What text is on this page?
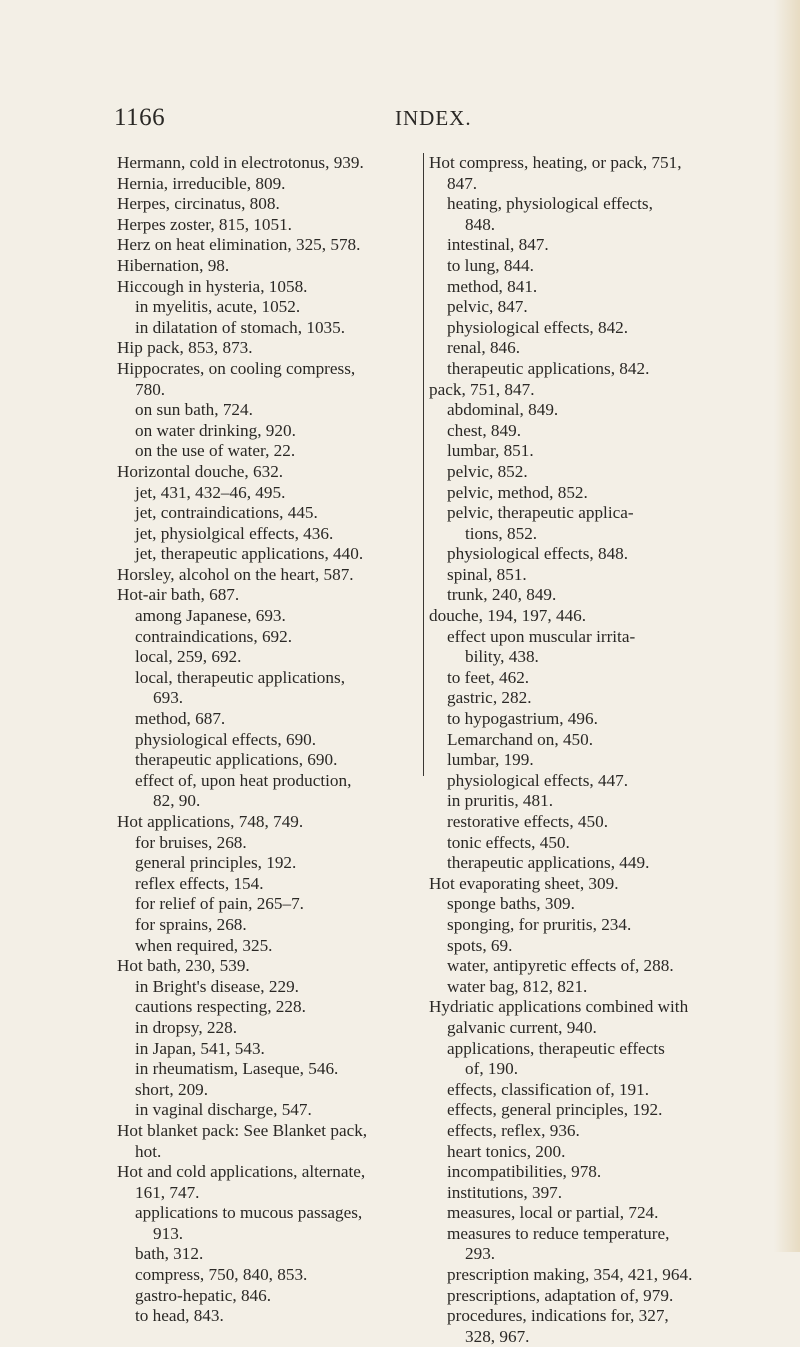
1166	INDEX.
Hermann, cold in electrotonus, 939.
Hernia, irreducible, 809.
Herpes, circinatus, 808.
Herpes zoster, 815, 1051.
Herz on heat elimination, 325, 578.
Hibernation, 98.
Hiccough in hysteria, 1058.
in myelitis, acute, 1052.
in dilatation of stomach, 1035.
Hip pack, 853, 873.
Hippocrates, on cooling compress,
780.
on sun bath, 724.
on water drinking, 920.
on the use of water, 22.
Horizontal douche, 632.
jet, 431, 432–46, 495.
jet, contraindications, 445.
jet, physiolgical effects, 436.
jet, therapeutic applications, 440.
Horsley, alcohol on the heart, 587.
Hot-air bath, 687.
among Japanese, 693.
contraindications, 692.
local, 259, 692.
local, therapeutic applications,
693.
method, 687.
physiological effects, 690.
therapeutic applications, 690.
effect of, upon heat production,
82, 90.
Hot applications, 748, 749.
for bruises, 268.
general principles, 192.
reflex effects, 154.
for relief of pain, 265–7.
for sprains, 268.
when required, 325.
Hot bath, 230, 539.
in Bright's disease, 229.
cautions respecting, 228.
in dropsy, 228.
in Japan, 541, 543.
in rheumatism, Laseque, 546.
short, 209.
in vaginal discharge, 547.
Hot blanket pack: See Blanket pack,
hot.
Hot and cold applications, alternate,
161, 747.
applications to mucous passages,
913.
bath, 312.
compress, 750, 840, 853.
gastro-hepatic, 846.
to head, 843.
Hot compress, heating, or pack, 751,
847.
heating, physiological effects,
848.
intestinal, 847.
to lung, 844.
method, 841.
pelvic, 847.
physiological effects, 842.
renal, 846.
therapeutic applications, 842.
pack, 751, 847.
abdominal, 849.
chest, 849.
lumbar, 851.
pelvic, 852.
pelvic, method, 852.
pelvic, therapeutic applica-
tions, 852.
physiological effects, 848.
spinal, 851.
trunk, 240, 849.
douche, 194, 197, 446.
effect upon muscular irrita-
bility, 438.
to feet, 462.
gastric, 282.
to hypogastrium, 496.
Lemarchand on, 450.
lumbar, 199.
physiological effects, 447.
in pruritis, 481.
restorative effects, 450.
tonic effects, 450.
therapeutic applications, 449.
Hot evaporating sheet, 309.
sponge baths, 309.
sponging, for pruritis, 234.
spots, 69.
water, antipyretic effects of, 288.
water bag, 812, 821.
Hydriatic applications combined with
galvanic current, 940.
applications, therapeutic effects
of, 190.
effects, classification of, 191.
effects, general principles, 192.
effects, reflex, 936.
heart tonics, 200.
incompatibilities, 978.
institutions, 397.
measures, local or partial, 724.
measures to reduce temperature,
293.
prescription making, 354, 421, 964.
prescriptions, adaptation of, 979.
procedures, indications for, 327,
328, 967.
